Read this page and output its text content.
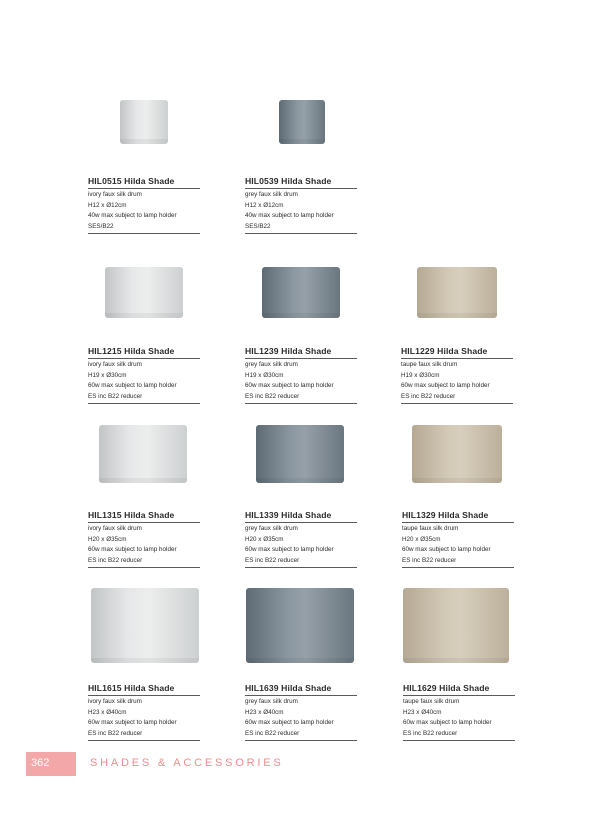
HIL0515 Hilda Shade
ivory faux silk drum
H12 x Ø12cm
40w max subject to lamp holder
SES/B22
HIL0539 Hilda Shade
grey faux silk drum
H12 x Ø12cm
40w max subject to lamp holder
SES/B22
HIL1215 Hilda Shade
ivory faux silk drum
H19 x Ø30cm
60w max subject to lamp holder
ES inc B22 reducer
HIL1239 Hilda Shade
grey faux silk drum
H19 x Ø30cm
60w max subject to lamp holder
ES inc B22 reducer
HIL1229 Hilda Shade
taupe faux silk drum
H19 x Ø30cm
60w max subject to lamp holder
ES inc B22 reducer
HIL1315 Hilda Shade
ivory faux silk drum
H20 x Ø35cm
60w max subject to lamp holder
ES inc B22 reducer
HIL1339 Hilda Shade
grey faux silk drum
H20 x Ø35cm
60w max subject to lamp holder
ES inc B22 reducer
HIL1329 Hilda Shade
taupe faux silk drum
H20 x Ø35cm
60w max subject to lamp holder
ES inc B22 reducer
HIL1615 Hilda Shade
ivory faux silk drum
H23 x Ø40cm
60w max subject to lamp holder
ES inc B22 reducer
HIL1639 Hilda Shade
grey faux silk drum
H23 x Ø40cm
60w max subject to lamp holder
ES inc B22 reducer
HIL1629 Hilda Shade
taupe faux silk drum
H23 x Ø40cm
60w max subject to lamp holder
ES inc B22 reducer
362	SHADES & ACCESSORIES
